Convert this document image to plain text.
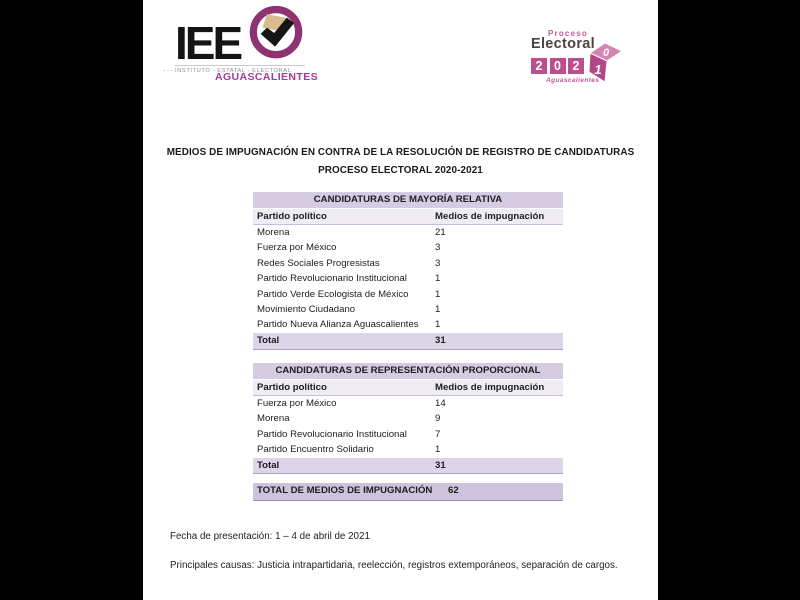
IEE
··· INSTITUTO - ESTATAL - ELECTORAL
AGUASCALIENTES
Proceso
Electoral
2 0 2
0
1
Aguascalientes
MEDIOS DE IMPUGNACIÓN EN CONTRA DE LA RESOLUCIÓN DE REGISTRO DE CANDIDATURAS
PROCESO ELECTORAL 2020-2021
CANDIDATURAS DE MAYORÍA RELATIVA
Partido político	Medios de impugnación
Morena	21
Fuerza por México	3
Redes Sociales Progresistas	3
Partido Revolucionario Institucional	1
Partido Verde Ecologista de México	1
Movimiento Ciudadano	1
Partido Nueva Alianza Aguascalientes 1
Total	31
CANDIDATURAS DE REPRESENTACIÓN PROPORCIONAL
Partido político	Medios de impugnación
Fuerza por México	14
Morena	9
Partido Revolucionario Institucional	7
Partido Encuentro Solidario	1
Total	31
TOTAL DE MEDIOS DE IMPUGNACIÓN 62
Fecha de presentación: 1 – 4 de abril de 2021
Principales causas: Justicia intrapartidaria, reelección, registros extemporáneos, separación de cargos.
